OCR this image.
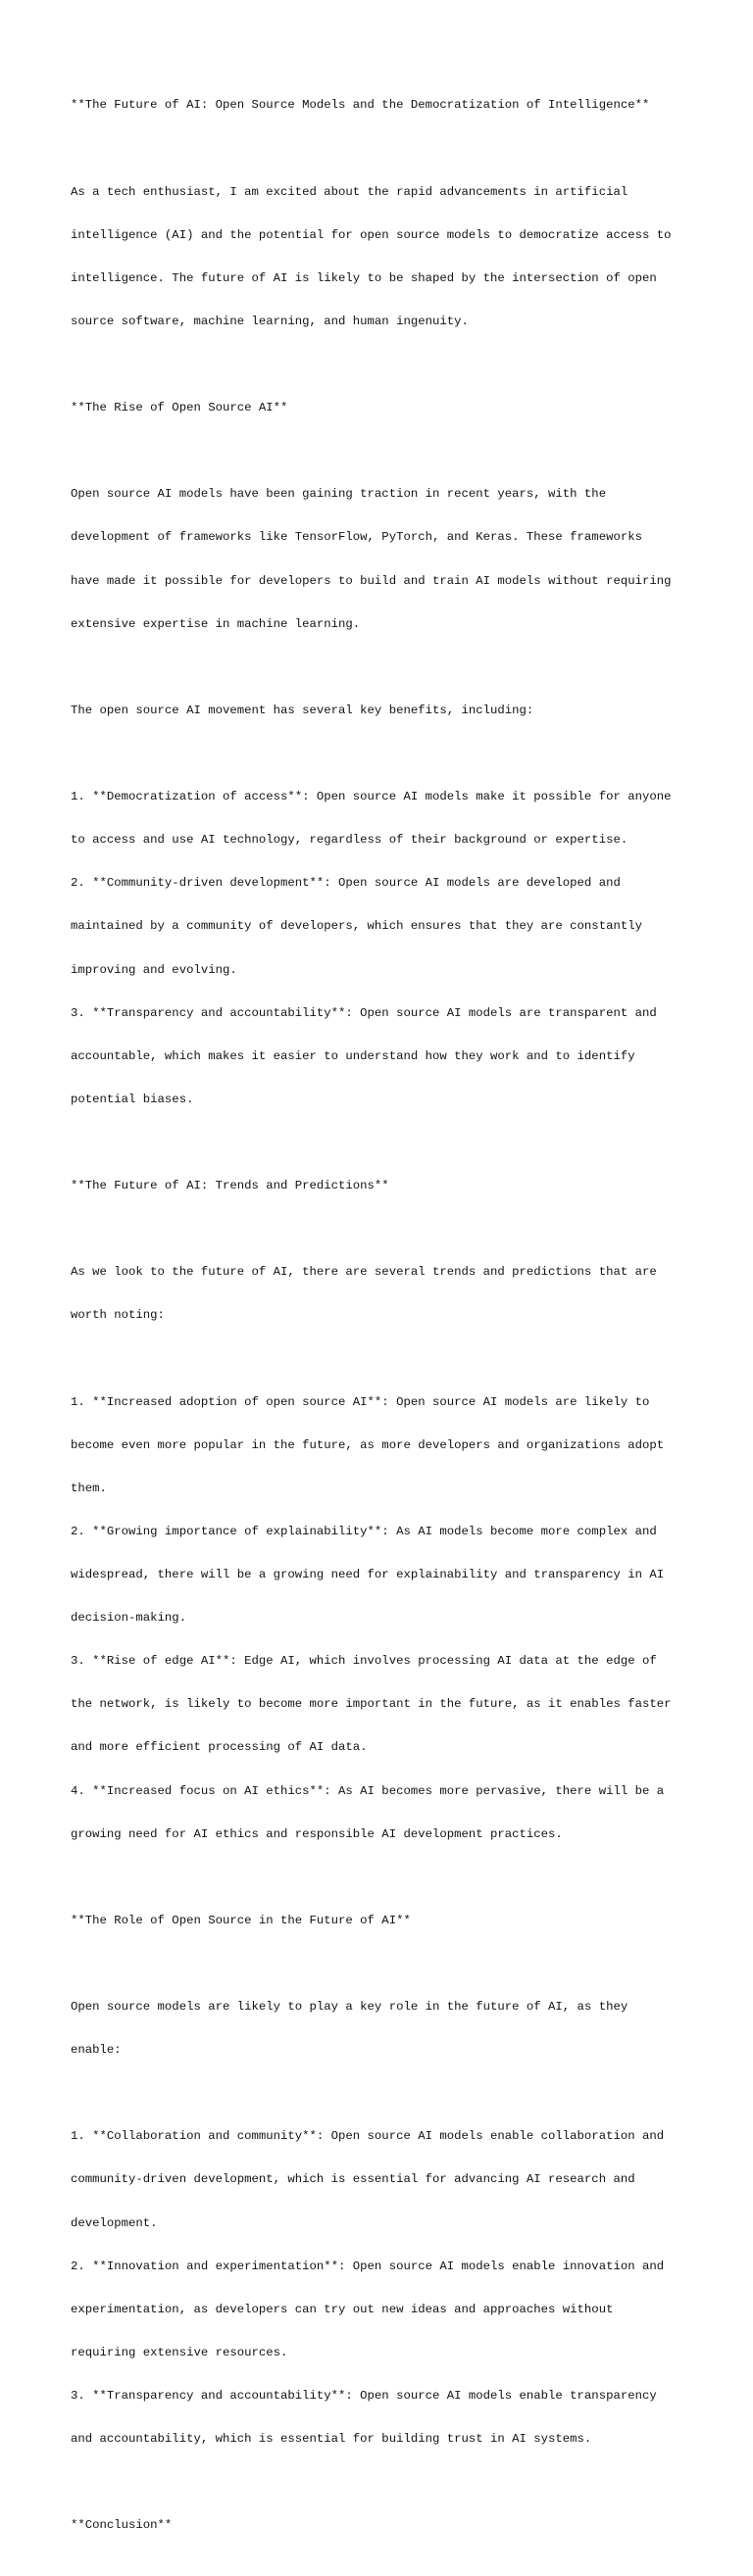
**The Future of AI: Open Source Models and the Democratization of Intelligence**

As a tech enthusiast, I am excited about the rapid advancements in artificial

intelligence (AI) and the potential for open source models to democratize access to

intelligence. The future of AI is likely to be shaped by the intersection of open

source software, machine learning, and human ingenuity.

**The Rise of Open Source AI**

Open source AI models have been gaining traction in recent years, with the

development of frameworks like TensorFlow, PyTorch, and Keras. These frameworks

have made it possible for developers to build and train AI models without requiring

extensive expertise in machine learning.

The open source AI movement has several key benefits, including:

1. **Democratization of access**: Open source AI models make it possible for anyone

to access and use AI technology, regardless of their background or expertise.

2. **Community-driven development**: Open source AI models are developed and

maintained by a community of developers, which ensures that they are constantly

improving and evolving.

3. **Transparency and accountability**: Open source AI models are transparent and

accountable, which makes it easier to understand how they work and to identify

potential biases.

**The Future of AI: Trends and Predictions**

As we look to the future of AI, there are several trends and predictions that are

worth noting:

1. **Increased adoption of open source AI**: Open source AI models are likely to

become even more popular in the future, as more developers and organizations adopt

them.

2. **Growing importance of explainability**: As AI models become more complex and

widespread, there will be a growing need for explainability and transparency in AI

decision-making.

3. **Rise of edge AI**: Edge AI, which involves processing AI data at the edge of

the network, is likely to become more important in the future, as it enables faster

and more efficient processing of AI data.

4. **Increased focus on AI ethics**: As AI becomes more pervasive, there will be a

growing need for AI ethics and responsible AI development practices.

**The Role of Open Source in the Future of AI**

Open source models are likely to play a key role in the future of AI, as they

enable:

1. **Collaboration and community**: Open source AI models enable collaboration and

community-driven development, which is essential for advancing AI research and

development.

2. **Innovation and experimentation**: Open source AI models enable innovation and

experimentation, as developers can try out new ideas and approaches without

requiring extensive resources.

3. **Transparency and accountability**: Open source AI models enable transparency

and accountability, which is essential for building trust in AI systems.

**Conclusion**
